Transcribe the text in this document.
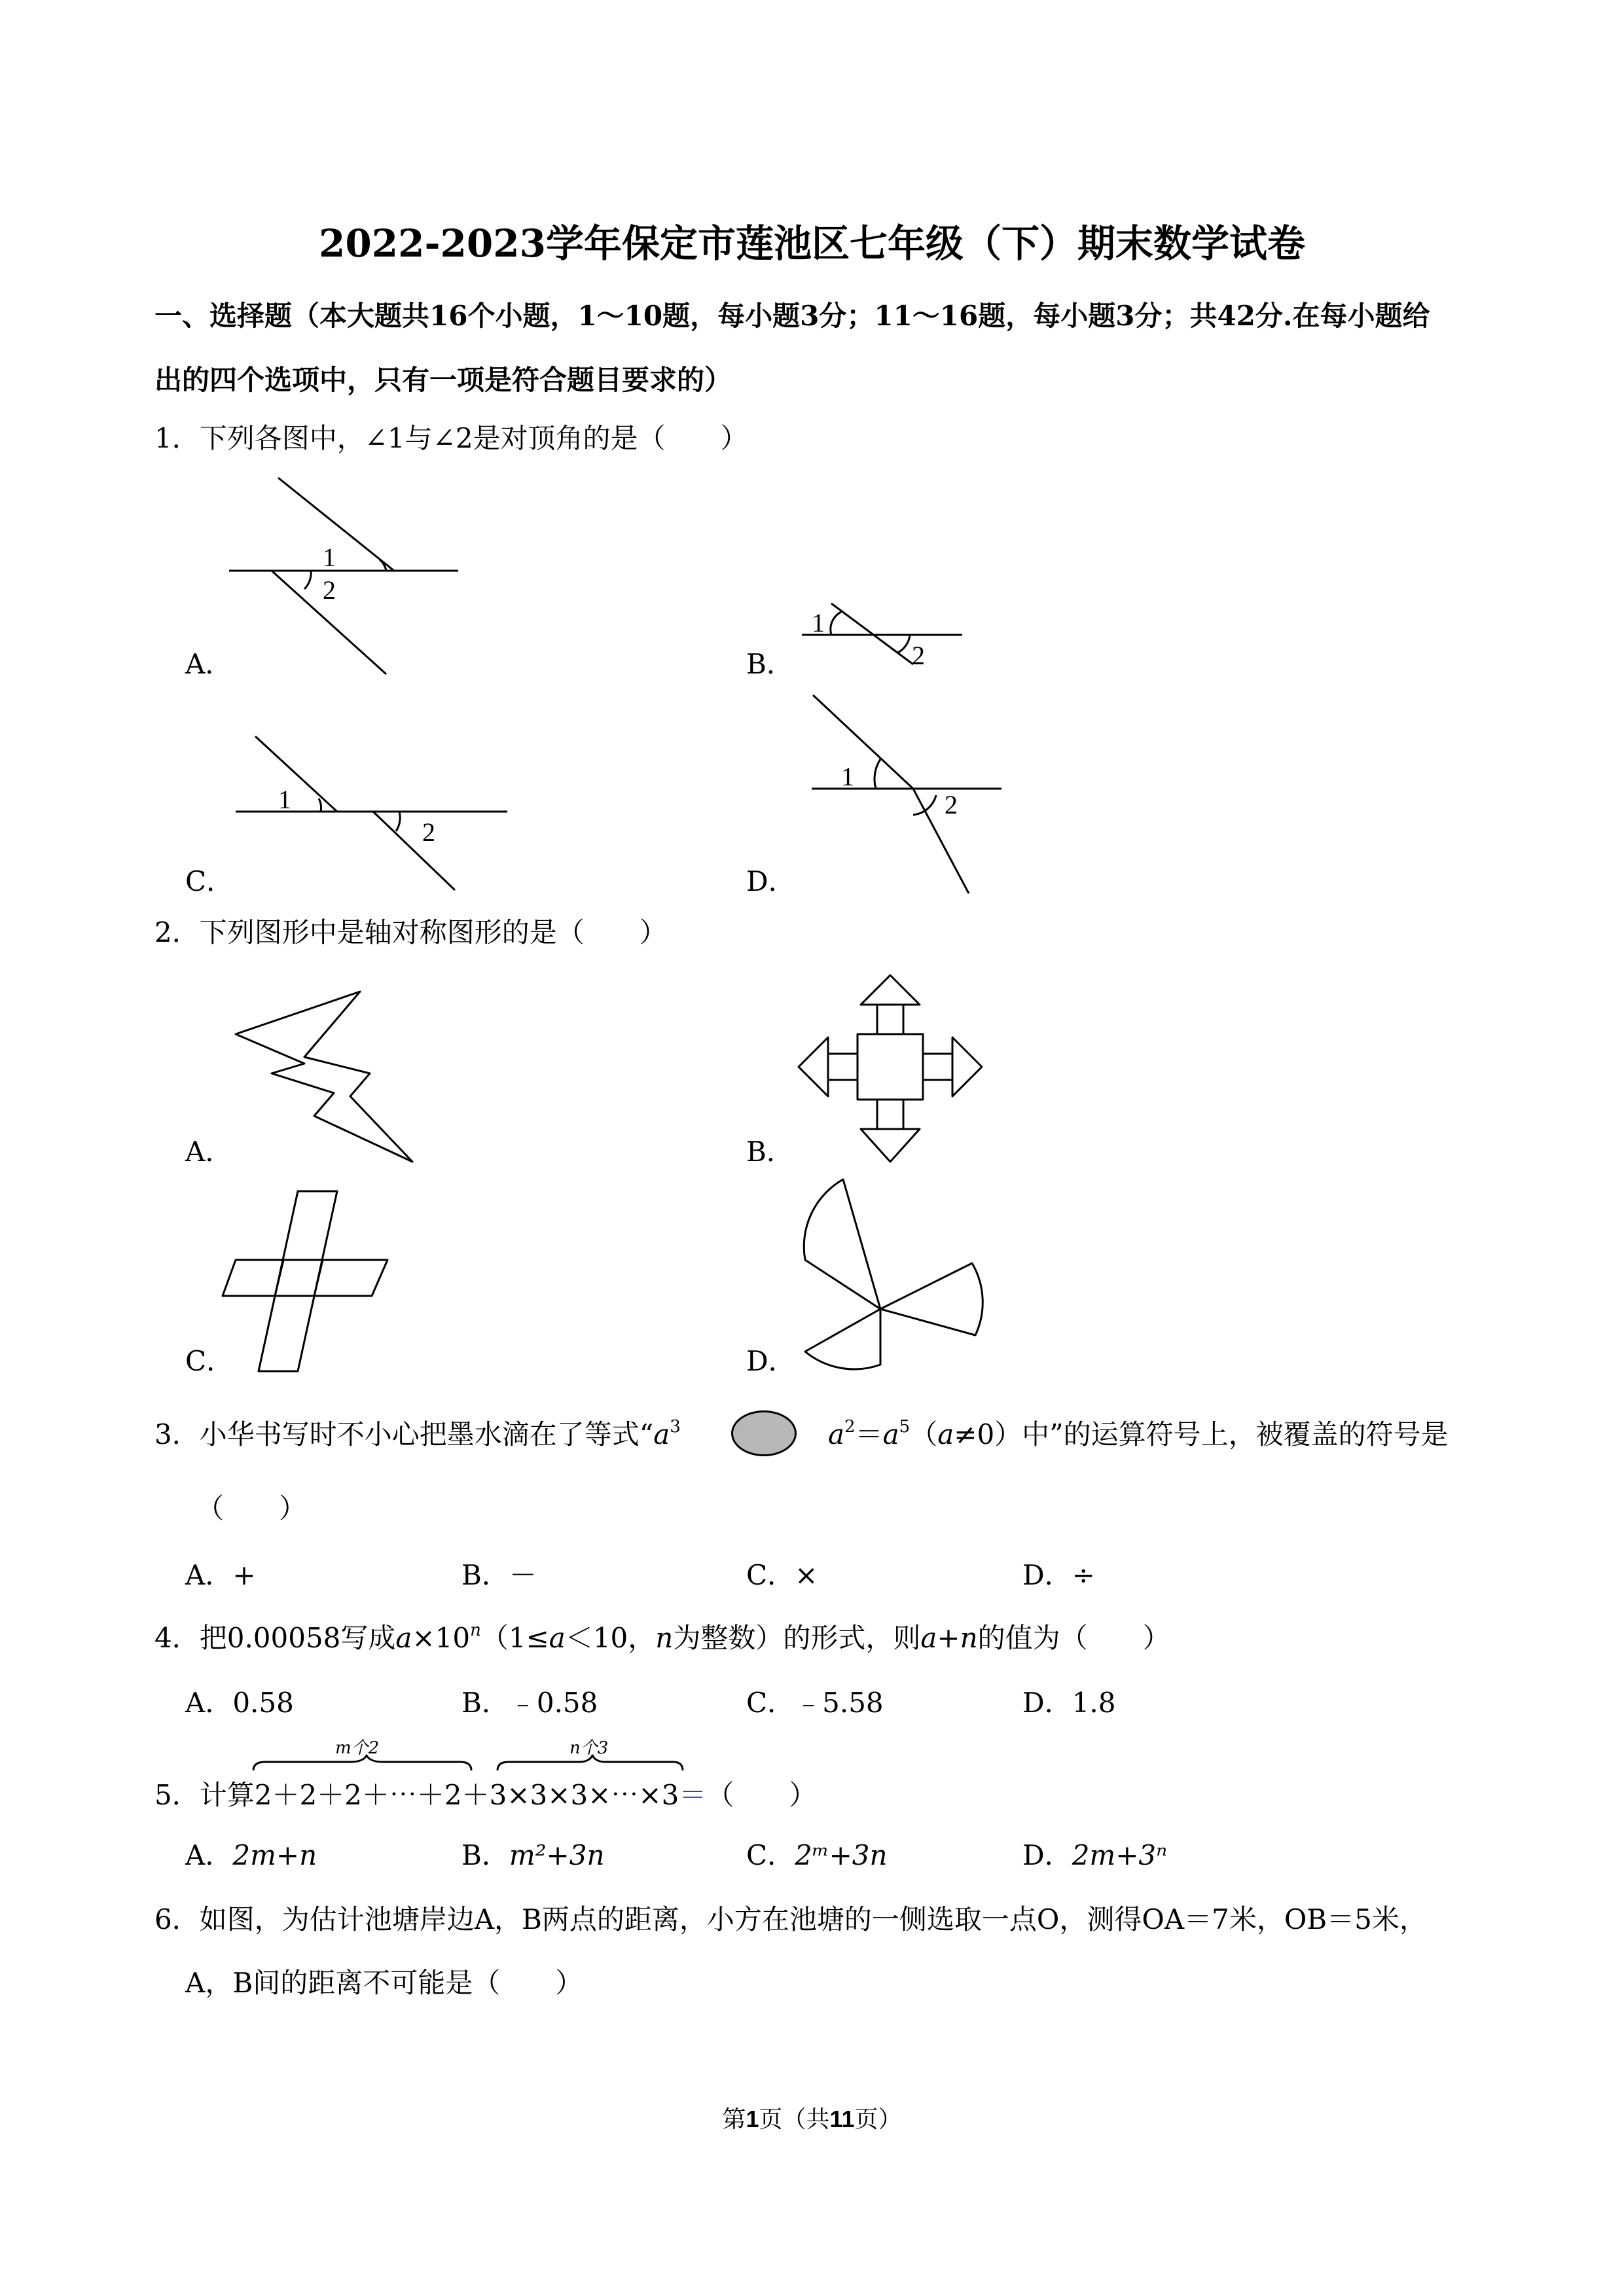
2022-2023学年保定市莲池区七年级（下）期末数学试卷
一、选择题（本大题共16个小题，1～10题，每小题3分；11～16题，每小题3分；共42分.在每小题给
出的四个选项中，只有一项是符合题目要求的）
1．下列各图中，∠1与∠2是对顶角的是（　　）
1
2
A．
1
2
B．
1
2
C．
1
2
D．
2．下列图形中是轴对称图形的是（　　）
A．	B．
C．	D．
3．小华书写时不小心把墨水滴在了等式“$a^3$	$a^2=a^5(a\ne 0)$中”的运算符号上，被覆盖的符号是
（　　）
A．+	B．－	C．×	D．÷
4．把0.00058写成$a\times 10^n(1\le a<10$，n为整数）的形式，则a+n的值为（　　）
A．0.58	B．﹣0.58	C．﹣5.58	D．1.8
m个2	n个3
5．计算2＋2＋2＋⋯＋2＋3×3×3×⋯×3＝（　　）
A．2m+n	B．m²+3n	C．2ᵐ+3n	D．2m+3ⁿ
6．如图，为估计池塘岸边A，B两点的距离，小方在池塘的一侧选取一点O，测得OA＝7米，OB＝5米，
A，B间的距离不可能是（　　）
第1页（共11页）
